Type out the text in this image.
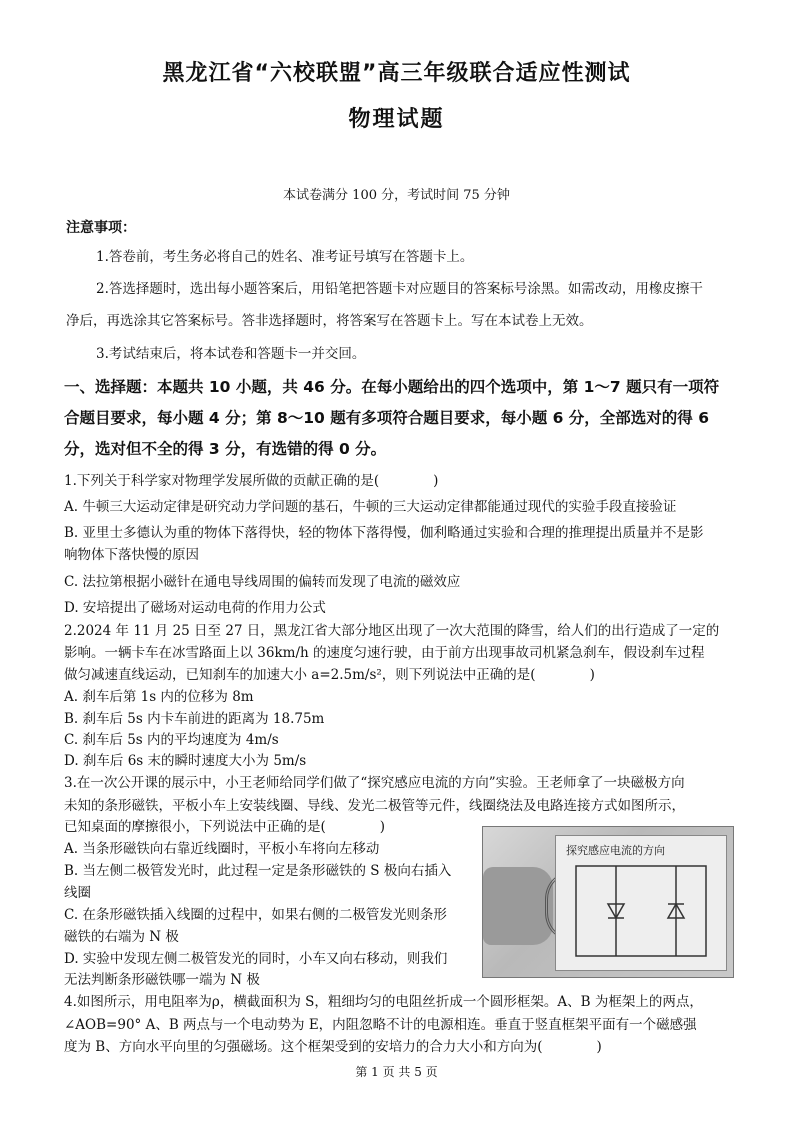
黑龙江省“六校联盟”高三年级联合适应性测试
物理试题
本试卷满分 100 分，考试时间 75 分钟
注意事项：
1.答卷前，考生务必将自己的姓名、准考证号填写在答题卡上。
2.答选择题时，选出每小题答案后，用铅笔把答题卡对应题目的答案标号涂黑。如需改动，用橡皮擦干
净后，再选涂其它答案标号。答非选择题时，将答案写在答题卡上。写在本试卷上无效。
3.考试结束后，将本试卷和答题卡一并交回。
一、选择题：本题共 10 小题，共 46 分。在每小题给出的四个选项中，第 1～7 题只有一项符
合题目要求，每小题 4 分；第 8～10 题有多项符合题目要求，每小题 6 分，全部选对的得 6
分，选对但不全的得 3 分，有选错的得 0 分。
1.下列关于科学家对物理学发展所做的贡献正确的是(　　　　)
A. 牛顿三大运动定律是研究动力学问题的基石，牛顿的三大运动定律都能通过现代的实验手段直接验证
B. 亚里士多德认为重的物体下落得快，轻的物体下落得慢，伽利略通过实验和合理的推理提出质量并不是影
响物体下落快慢的原因
C. 法拉第根据小磁针在通电导线周围的偏转而发现了电流的磁效应
D. 安培提出了磁场对运动电荷的作用力公式
2.2024 年 11 月 25 日至 27 日，黑龙江省大部分地区出现了一次大范围的降雪，给人们的出行造成了一定的
影响。一辆卡车在冰雪路面上以 36km/h 的速度匀速行驶，由于前方出现事故司机紧急刹车，假设刹车过程
做匀减速直线运动，已知刹车的加速大小 a=2.5m/s²，则下列说法中正确的是(　　　　)
A. 刹车后第 1s 内的位移为 8m
B. 刹车后 5s 内卡车前进的距离为 18.75m
C. 刹车后 5s 内的平均速度为 4m/s
D. 刹车后 6s 末的瞬时速度大小为 5m/s
3.在一次公开课的展示中，小王老师给同学们做了“探究感应电流的方向”实验。王老师拿了一块磁极方向
未知的条形磁铁，平板小车上安装线圈、导线、发光二极管等元件，线圈绕法及电路连接方式如图所示，
已知桌面的摩擦很小，下列说法中正确的是(　　　　)
A. 当条形磁铁向右靠近线圈时，平板小车将向左移动
B. 当左侧二极管发光时，此过程一定是条形磁铁的 S 极向右插入
线圈
C. 在条形磁铁插入线圈的过程中，如果右侧的二极管发光则条形
磁铁的右端为 N 极
D. 实验中发现左侧二极管发光的同时，小车又向右移动，则我们
无法判断条形磁铁哪一端为 N 极
探究感应电流的方向
4.如图所示，用电阻率为ρ，横截面积为 S，粗细均匀的电阻丝折成一个圆形框架。A、B 为框架上的两点，
∠AOB=90° A、B 两点与一个电动势为 E，内阻忽略不计的电源相连。垂直于竖直框架平面有一个磁感强
度为 B、方向水平向里的匀强磁场。这个框架受到的安培力的合力大小和方向为(　　　　)
第 1 页 共 5 页
